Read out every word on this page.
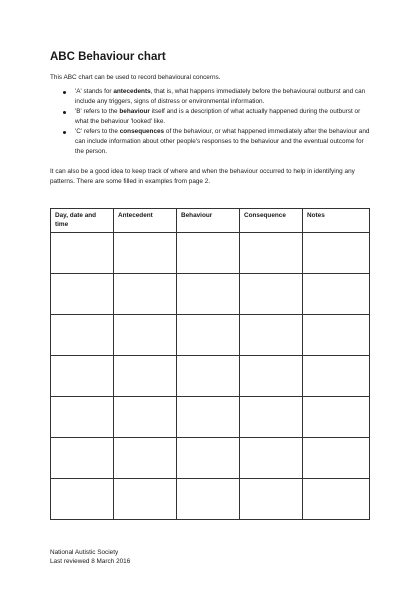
ABC Behaviour chart

This ABC chart can be used to record behavioural concerns.

'A' stands for antecedents, that is, what happens immediately before the behavioural outburst and can include any triggers, signs of distress or environmental information.
'B' refers to the behaviour itself and is a description of what actually happened during the outburst or what the behaviour 'looked' like.
'C' refers to the consequences of the behaviour, or what happened immediately after the behaviour and can include information about other people's responses to the behaviour and the eventual outcome for the person.

It can also be a good idea to keep track of where and when the behaviour occurred to help in identifying any patterns. There are some filled in examples from page 2.

Day, date and time	Antecedent	Behaviour	Consequence	Notes

National Autistic Society
Last reviewed 8 March 2016
